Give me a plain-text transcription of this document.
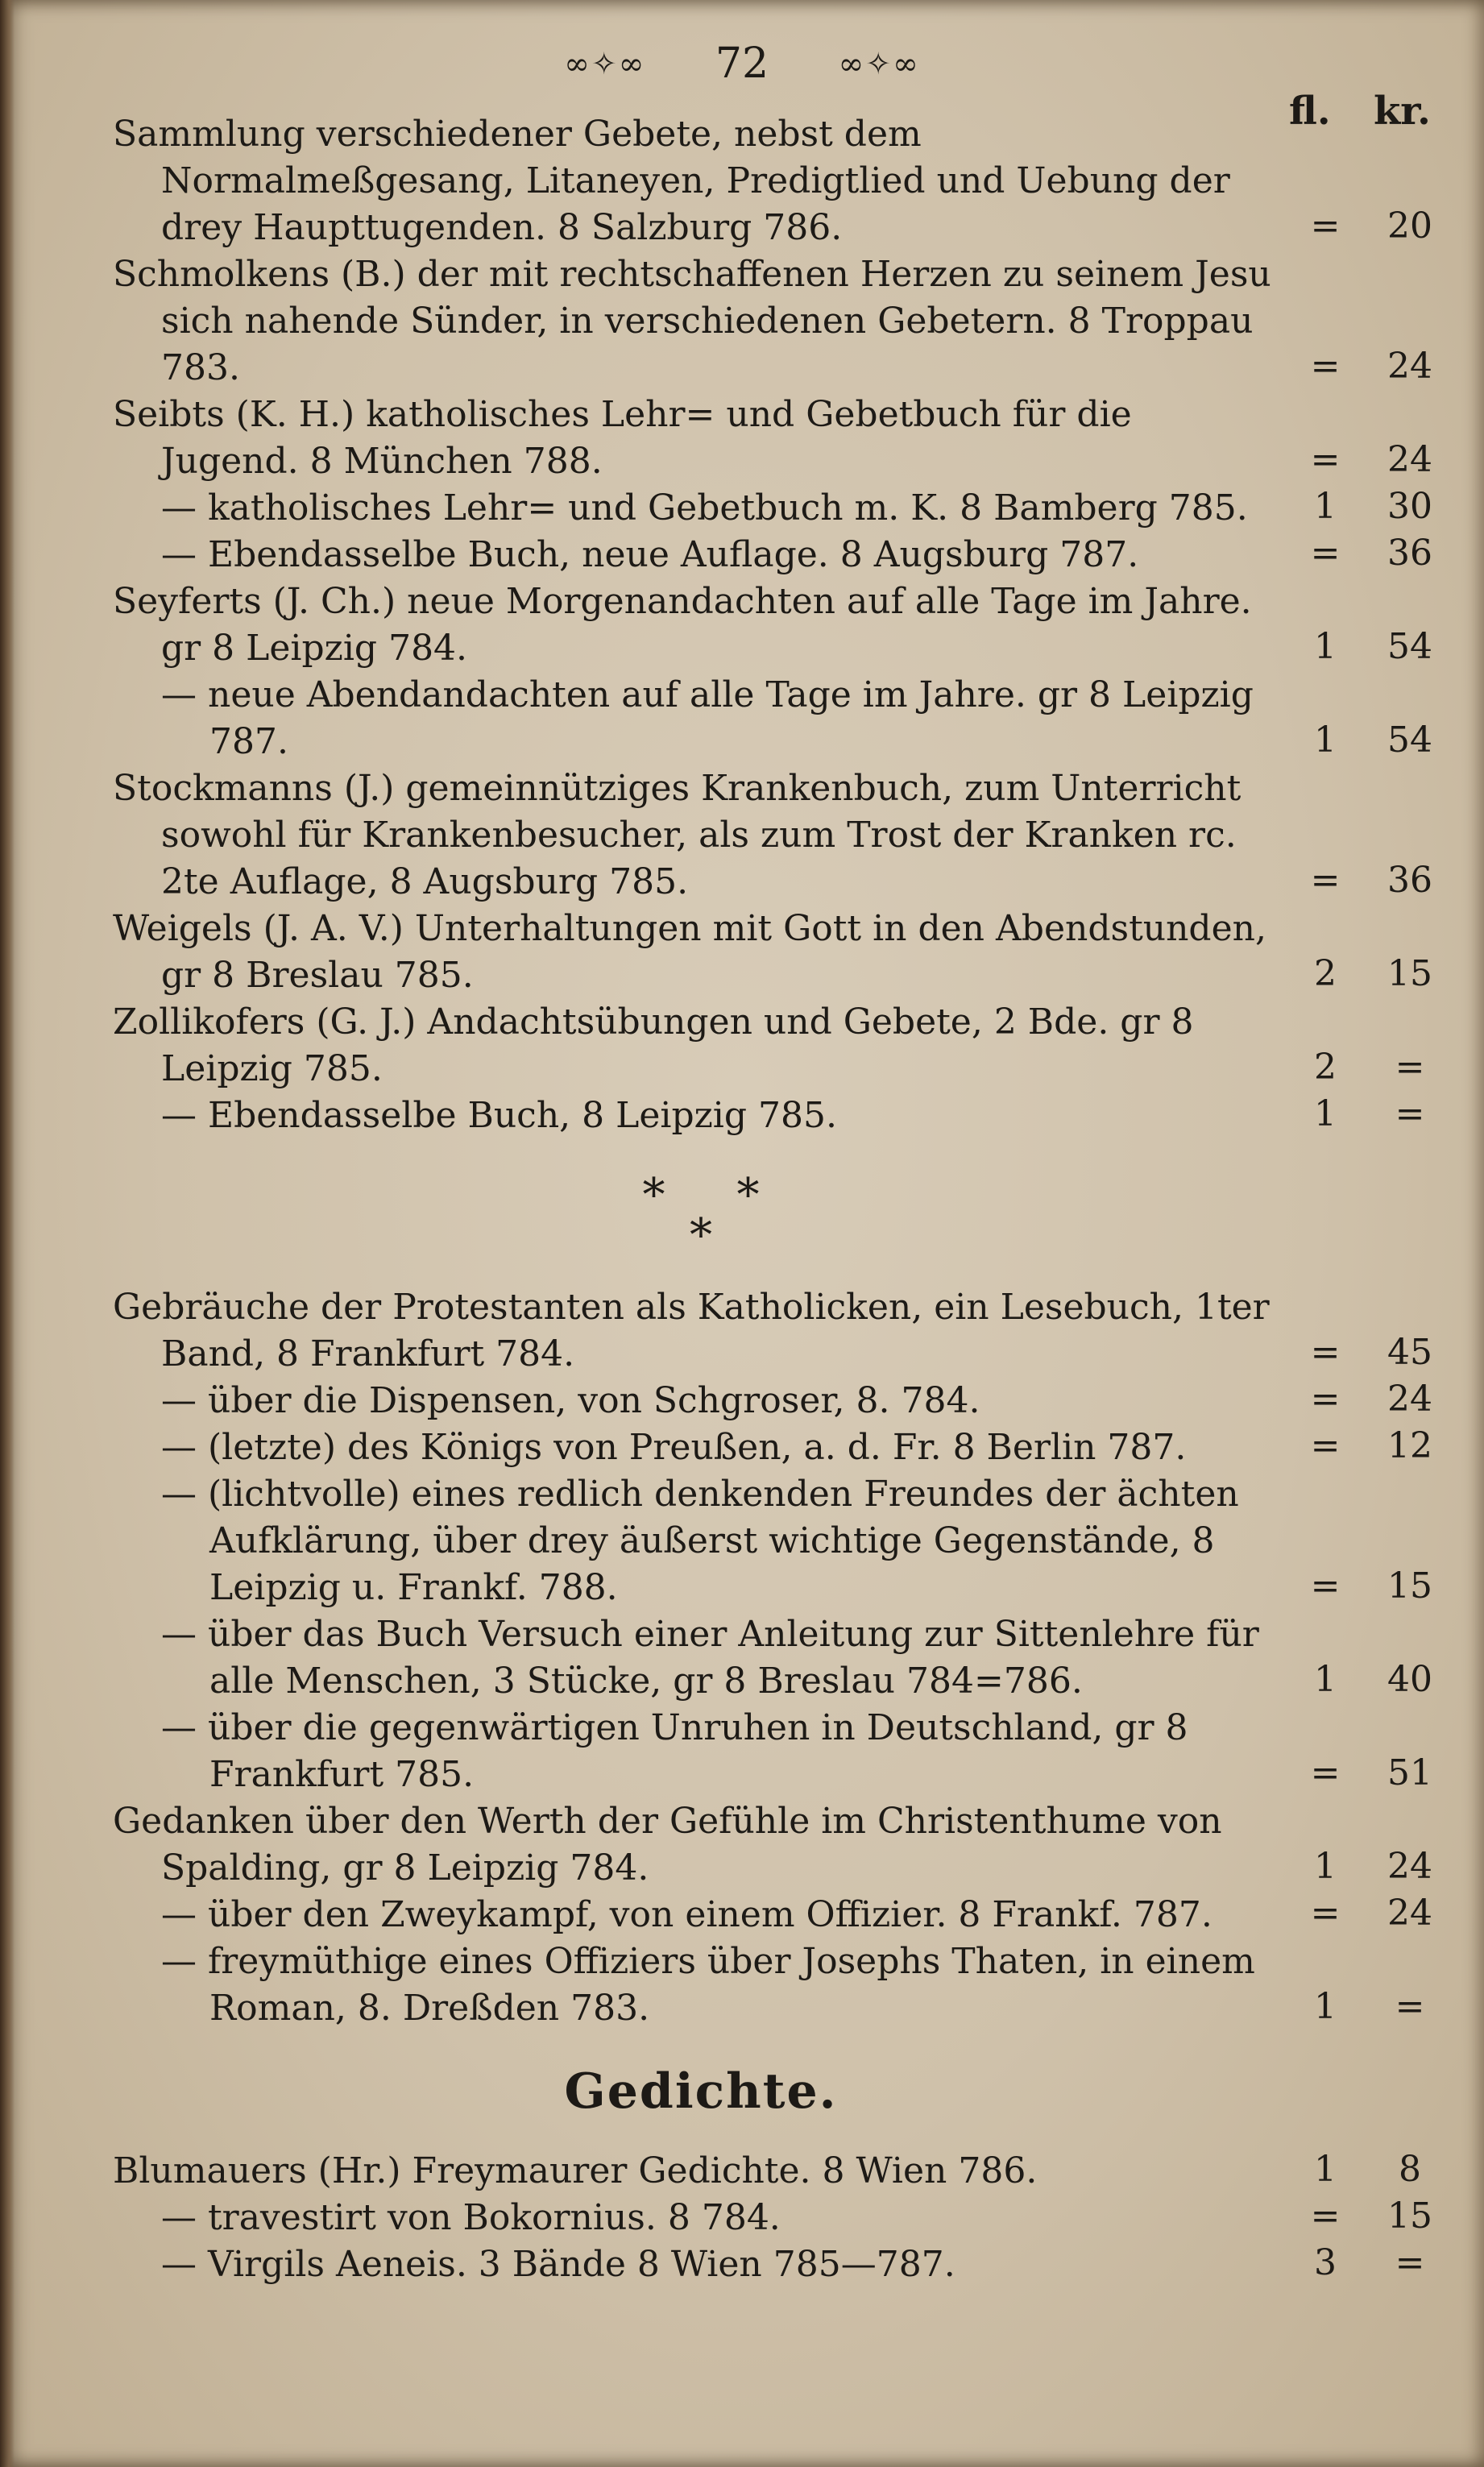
∞✧∞ 72 ∞✧∞
fl. kr.
Sammlung verschiedener Gebete, nebst dem Normalmeßgesang, Litaneyen, Predigtlied und Uebung der drey Haupttugenden. 8 Salzburg 786.	=	20
Schmolkens (B.) der mit rechtschaffenen Herzen zu seinem Jesu sich nahende Sünder, in verschiedenen Gebetern. 8 Troppau 783.	=	24
Seibts (K. H.) katholisches Lehr= und Gebetbuch für die Jugend. 8 München 788.	=	24
— katholisches Lehr= und Gebetbuch m. K. 8 Bamberg 785.	1	30
— Ebendasselbe Buch, neue Auflage. 8 Augsburg 787.	=	36
Seyferts (J. Ch.) neue Morgenandachten auf alle Tage im Jahre. gr 8 Leipzig 784.	1	54
— neue Abendandachten auf alle Tage im Jahre. gr 8 Leipzig 787.	1	54
Stockmanns (J.) gemeinnütziges Krankenbuch, zum Unterricht sowohl für Krankenbesucher, als zum Trost der Kranken rc. 2te Auflage, 8 Augsburg 785.	=	36
Weigels (J. A. V.) Unterhaltungen mit Gott in den Abendstunden, gr 8 Breslau 785.	2	15
Zollikofers (G. J.) Andachtsübungen und Gebete, 2 Bde. gr 8 Leipzig 785.	2	=
— Ebendasselbe Buch, 8 Leipzig 785.	1	=
*     *
*
Gebräuche der Protestanten als Katholicken, ein Lesebuch, 1ter Band, 8 Frankfurt 784.	=	45
— über die Dispensen, von Schgroser, 8. 784.	=	24
— (letzte) des Königs von Preußen, a. d. Fr. 8 Berlin 787.	=	12
— (lichtvolle) eines redlich denkenden Freundes der ächten Aufklärung, über drey äußerst wichtige Gegenstände, 8 Leipzig u. Frankf. 788.	=	15
— über das Buch Versuch einer Anleitung zur Sittenlehre für alle Menschen, 3 Stücke, gr 8 Breslau 784=786.	1	40
— über die gegenwärtigen Unruhen in Deutschland, gr 8 Frankfurt 785.	=	51
Gedanken über den Werth der Gefühle im Christenthume von Spalding, gr 8 Leipzig 784.	1	24
— über den Zweykampf, von einem Offizier. 8 Frankf. 787.	=	24
— freymüthige eines Offiziers über Josephs Thaten, in einem Roman, 8. Dreßden 783.	1	=
Gedichte.
Blumauers (Hr.) Freymaurer Gedichte. 8 Wien 786.	1	8
— travestirt von Bokornius. 8 784.	=	15
— Virgils Aeneis. 3 Bände 8 Wien 785—787.	3	=
